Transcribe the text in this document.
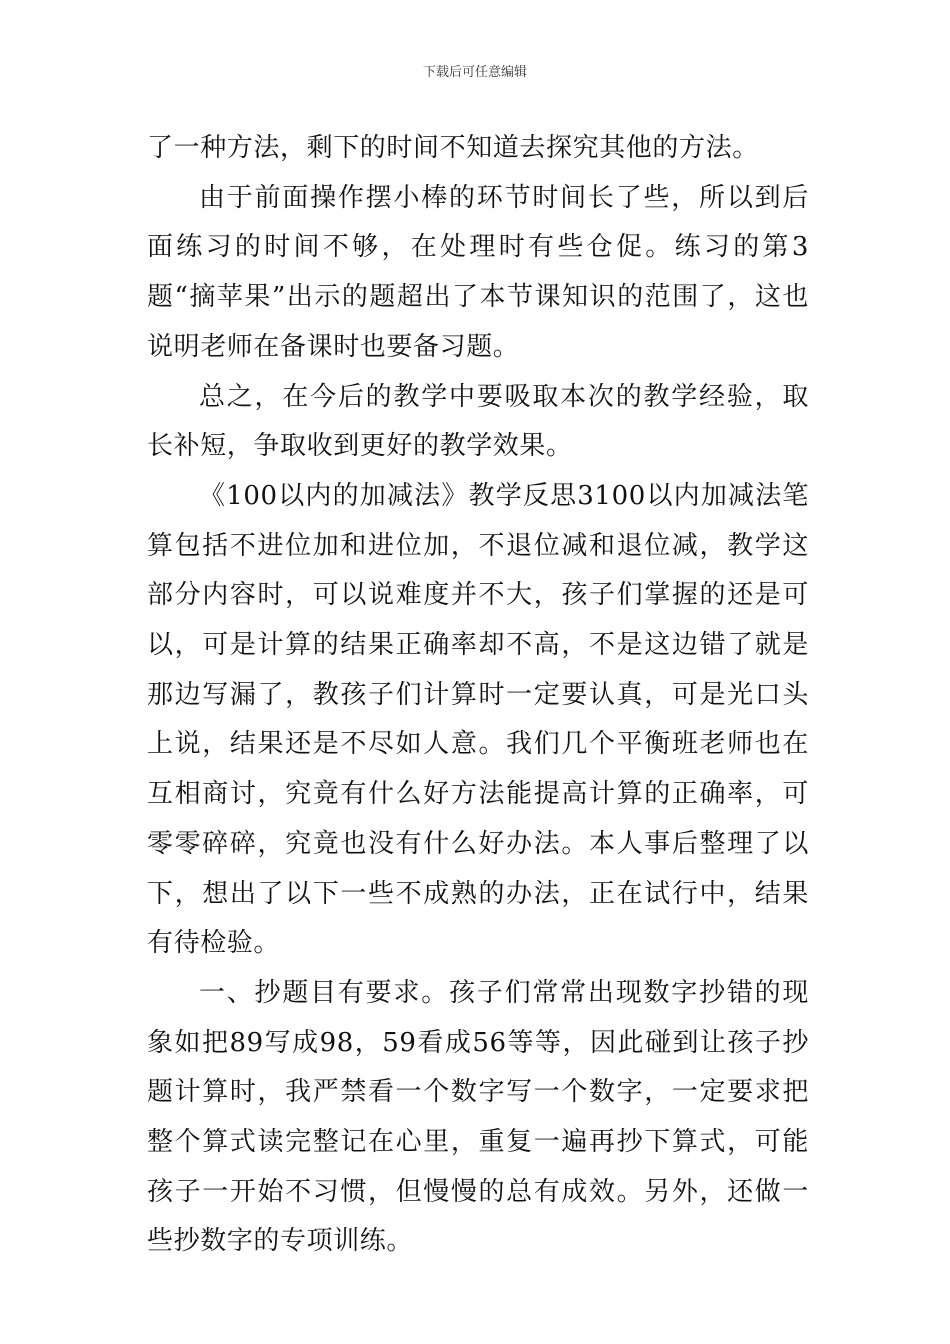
下载后可任意编辑

了一种方法，剩下的时间不知道去探究其他的方法。

由于前面操作摆小棒的环节时间长了些，所以到后面练习的时间不够，在处理时有些仓促。练习的第3题“摘苹果”出示的题超出了本节课知识的范围了，这也说明老师在备课时也要备习题。

总之，在今后的教学中要吸取本次的教学经验，取长补短，争取收到更好的教学效果。

《100以内的加减法》教学反思3100以内加减法笔算包括不进位加和进位加，不退位减和退位减，教学这部分内容时，可以说难度并不大，孩子们掌握的还是可以，可是计算的结果正确率却不高，不是这边错了就是那边写漏了，教孩子们计算时一定要认真，可是光口头上说，结果还是不尽如人意。我们几个平衡班老师也在互相商讨，究竟有什么好方法能提高计算的正确率，可零零碎碎，究竟也没有什么好办法。本人事后整理了以下，想出了以下一些不成熟的办法，正在试行中，结果有待检验。

一、抄题目有要求。孩子们常常出现数字抄错的现象如把89写成98，59看成56等等，因此碰到让孩子抄题计算时，我严禁看一个数字写一个数字，一定要求把整个算式读完整记在心里，重复一遍再抄下算式，可能孩子一开始不习惯，但慢慢的总有成效。另外，还做一些抄数字的专项训练。
